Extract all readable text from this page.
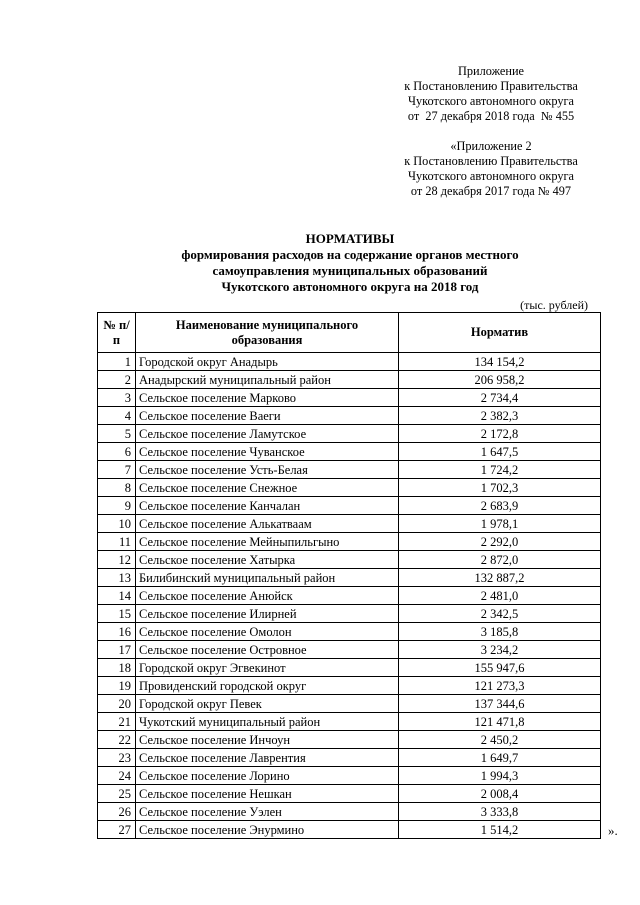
Приложение
к Постановлению Правительства
Чукотского автономного округа
от  27 декабря 2018 года  № 455
«Приложение 2
к Постановлению Правительства
Чукотского автономного округа
от 28 декабря 2017 года № 497
НОРМАТИВЫ
формирования расходов на содержание органов местного
самоуправления муниципальных образований
Чукотского автономного округа на 2018 год
(тыс. рублей)
№ п/п	Наименование муниципального образования	Норматив
1	Городской округ Анадырь	134 154,2
2	Анадырский муниципальный район	206 958,2
3	Сельское поселение Марково	2 734,4
4	Сельское поселение Ваеги	2 382,3
5	Сельское поселение Ламутское	2 172,8
6	Сельское поселение Чуванское	1 647,5
7	Сельское поселение Усть-Белая	1 724,2
8	Сельское поселение Снежное	1 702,3
9	Сельское поселение Канчалан	2 683,9
10	Сельское поселение Алькатваам	1 978,1
11	Сельское поселение Мейныпильгыно	2 292,0
12	Сельское поселение Хатырка	2 872,0
13	Билибинский муниципальный район	132 887,2
14	Сельское поселение Анюйск	2 481,0
15	Сельское поселение Илирней	2 342,5
16	Сельское поселение Омолон	3 185,8
17	Сельское поселение Островное	3 234,2
18	Городской округ Эгвекинот	155 947,6
19	Провиденский городской округ	121 273,3
20	Городской округ Певек	137 344,6
21	Чукотский муниципальный район	121 471,8
22	Сельское поселение Инчоун	2 450,2
23	Сельское поселение Лаврентия	1 649,7
24	Сельское поселение Лорино	1 994,3
25	Сельское поселение Нешкан	2 008,4
26	Сельское поселение Уэлен	3 333,8
27	Сельское поселение Энурмино	1 514,2	».
